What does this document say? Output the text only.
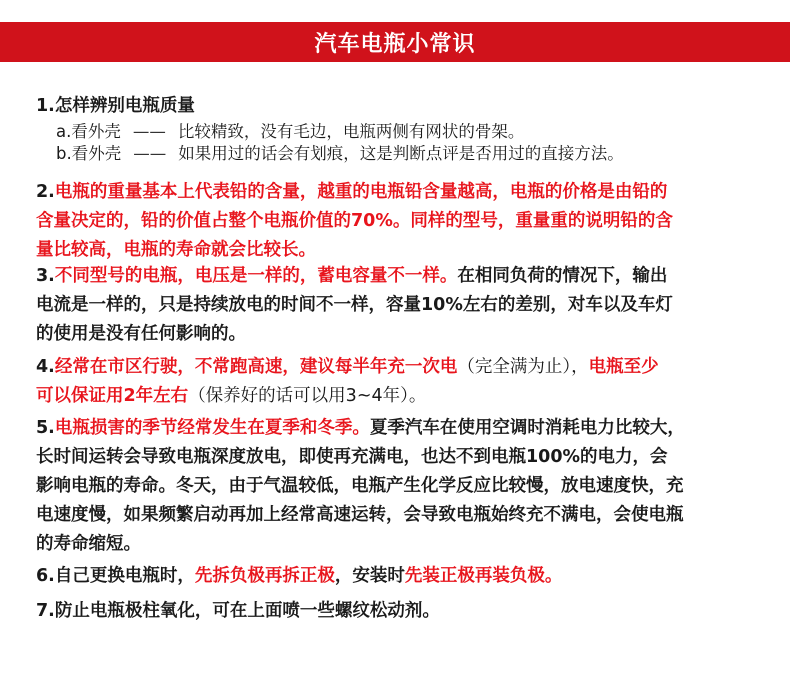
汽车电瓶小常识
1.怎样辨别电瓶质量
a.看外壳 —— 比较精致，没有毛边，电瓶两侧有网状的骨架。
b.看外壳 —— 如果用过的话会有划痕，这是判断点评是否用过的直接方法。
2.电瓶的重量基本上代表铅的含量，越重的电瓶铅含量越高，电瓶的价格是由铅的
含量决定的，铅的价值占整个电瓶价值的70%。同样的型号，重量重的说明铅的含
量比较高，电瓶的寿命就会比较长。
3.不同型号的电瓶，电压是一样的，蓄电容量不一样。在相同负荷的情况下，输出
电流是一样的，只是持续放电的时间不一样，容量10%左右的差别，对车以及车灯
的使用是没有任何影响的。
4.经常在市区行驶，不常跑高速，建议每半年充一次电（完全满为止），电瓶至少
可以保证用2年左右（保养好的话可以用3~4年）。
5.电瓶损害的季节经常发生在夏季和冬季。夏季汽车在使用空调时消耗电力比较大，
长时间运转会导致电瓶深度放电，即使再充满电，也达不到电瓶100%的电力，会
影响电瓶的寿命。冬天，由于气温较低，电瓶产生化学反应比较慢，放电速度快，充
电速度慢，如果频繁启动再加上经常高速运转，会导致电瓶始终充不满电，会使电瓶
的寿命缩短。
6.自己更换电瓶时，先拆负极再拆正极，安装时先装正极再装负极。
7.防止电瓶极柱氧化，可在上面喷一些螺纹松动剂。
